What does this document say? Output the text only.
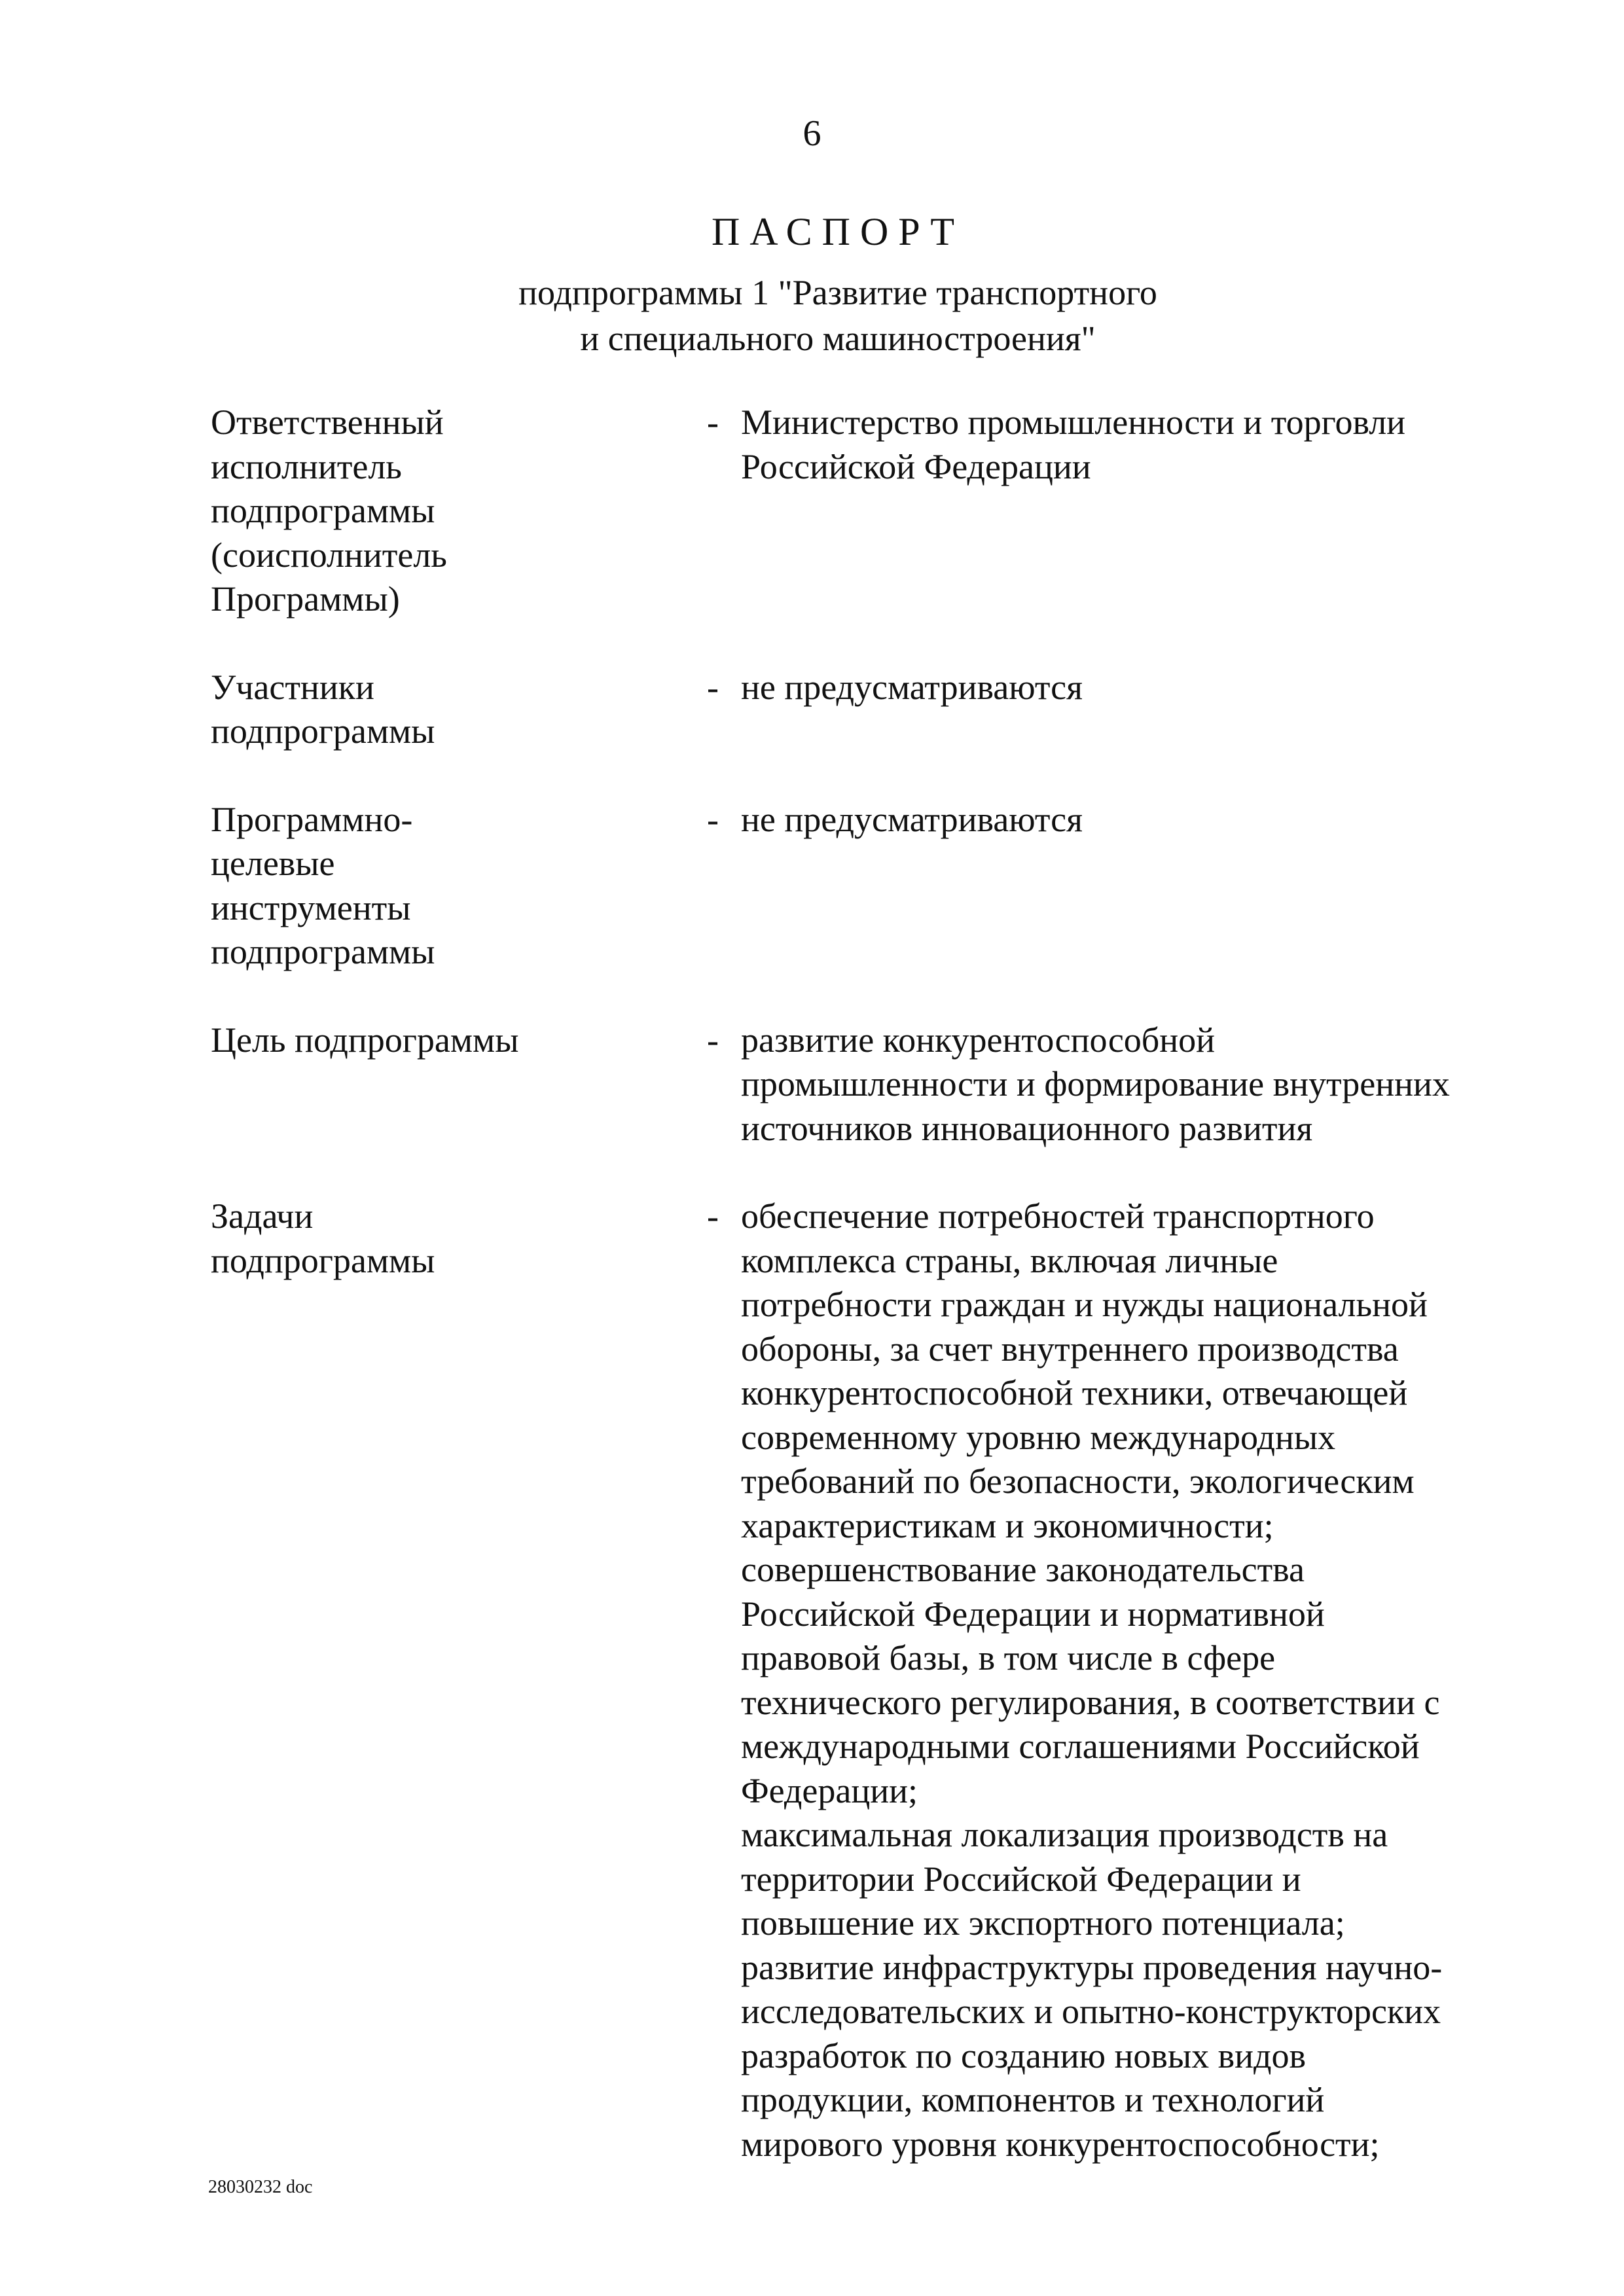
6
ПАСПОРТ
подпрограммы 1 "Развитие транспортного
и специального машиностроения"
Ответственный
исполнитель
подпрограммы
(соисполнитель
Программы)
- Министерство промышленности и торговли Российской Федерации

Участники
подпрограммы
- не предусматриваются

Программно-
целевые
инструменты
подпрограммы
- не предусматриваются

Цель подпрограммы	- развитие конкурентоспособной промышленности и формирование внутренних источников инновационного развития

Задачи
подпрограммы
- обеспечение потребностей транспортного комплекса страны, включая личные потребности граждан и нужды национальной обороны, за счет внутреннего производства конкурентоспособной техники, отвечающей современному уровню международных требований по безопасности, экологическим характеристикам и экономичности;

совершенствование законодательства Российской Федерации и нормативной правовой базы, в том числе в сфере технического регулирования, в соответствии с международными соглашениями Российской Федерации;

максимальная локализация производств на территории Российской Федерации и повышение их экспортного потенциала;

развитие инфраструктуры проведения научно-исследовательских и опытно-конструкторских разработок по созданию новых видов продукции, компонентов и технологий мирового уровня конкурентоспособности;

28030232 doc
